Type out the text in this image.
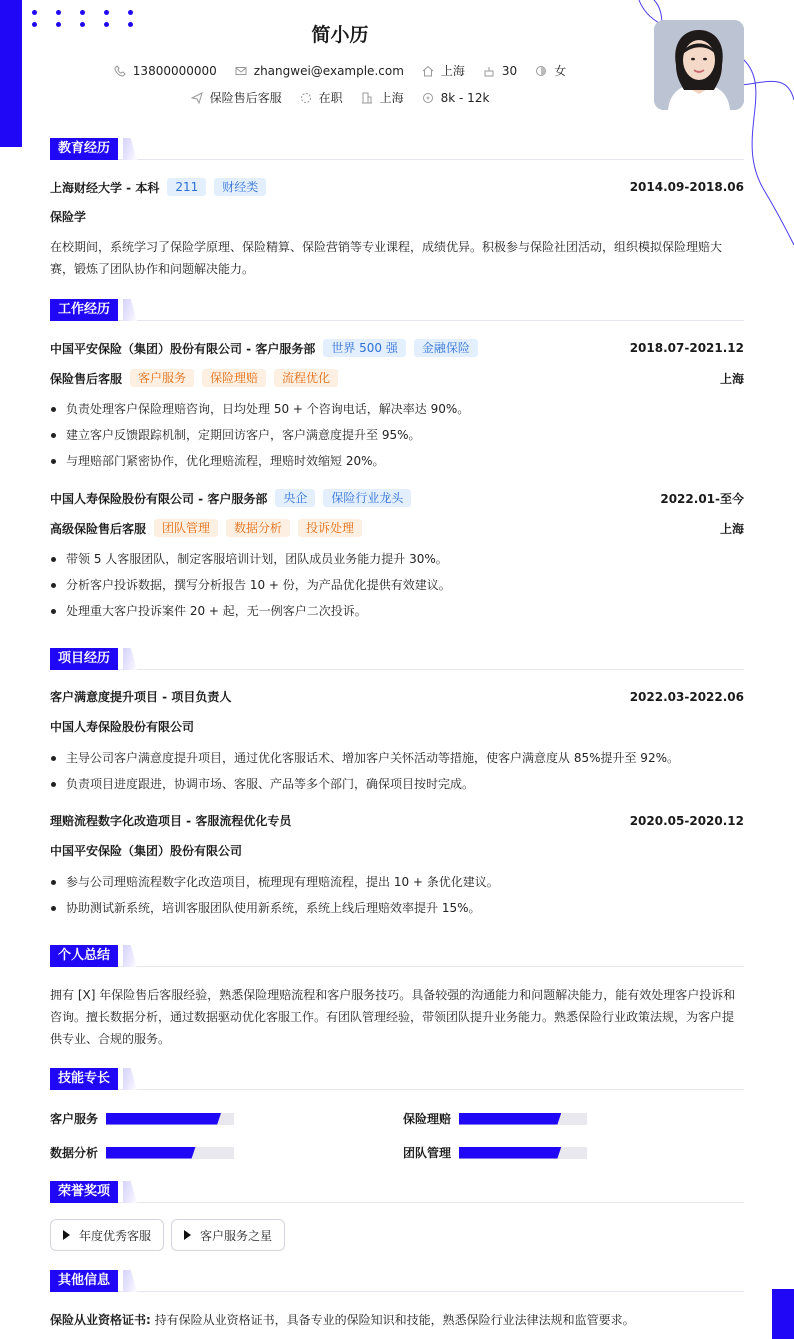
简小历
13800000000	zhangwei@example.com	上海	30	女
保险售后客服	在职	上海	8k - 12k
教育经历
上海财经大学 - 本科	211	财经类	2014.09-2018.06
保险学
在校期间，系统学习了保险学原理、保险精算、保险营销等专业课程，成绩优异。积极参与保险社团活动，组织模拟保险理赔大赛，锻炼了团队协作和问题解决能力。
工作经历
中国平安保险（集团）股份有限公司 - 客户服务部	世界 500 强	金融保险	2018.07-2021.12
保险售后客服	客户服务	保险理赔	流程优化	上海
负责处理客户保险理赔咨询，日均处理 50 + 个咨询电话，解决率达 90%。
建立客户反馈跟踪机制，定期回访客户，客户满意度提升至 95%。
与理赔部门紧密协作，优化理赔流程，理赔时效缩短 20%。
中国人寿保险股份有限公司 - 客户服务部	央企	保险行业龙头	2022.01-至今
高级保险售后客服	团队管理	数据分析	投诉处理	上海
带领 5 人客服团队，制定客服培训计划，团队成员业务能力提升 30%。
分析客户投诉数据，撰写分析报告 10 + 份，为产品优化提供有效建议。
处理重大客户投诉案件 20 + 起，无一例客户二次投诉。
项目经历
客户满意度提升项目 - 项目负责人	2022.03-2022.06
中国人寿保险股份有限公司
主导公司客户满意度提升项目，通过优化客服话术、增加客户关怀活动等措施，使客户满意度从 85%提升至 92%。
负责项目进度跟进，协调市场、客服、产品等多个部门，确保项目按时完成。
理赔流程数字化改造项目 - 客服流程优化专员	2020.05-2020.12
中国平安保险（集团）股份有限公司
参与公司理赔流程数字化改造项目，梳理现有理赔流程，提出 10 + 条优化建议。
协助测试新系统，培训客服团队使用新系统，系统上线后理赔效率提升 15%。
个人总结
拥有 [X] 年保险售后客服经验，熟悉保险理赔流程和客户服务技巧。具备较强的沟通能力和问题解决能力，能有效处理客户投诉和咨询。擅长数据分析，通过数据驱动优化客服工作。有团队管理经验，带领团队提升业务能力。熟悉保险行业政策法规，为客户提供专业、合规的服务。
技能专长
客户服务	保险理赔
数据分析	团队管理
荣誉奖项
年度优秀客服	客户服务之星
其他信息
保险从业资格证书: 持有保险从业资格证书，具备专业的保险知识和技能，熟悉保险行业法律法规和监管要求。
